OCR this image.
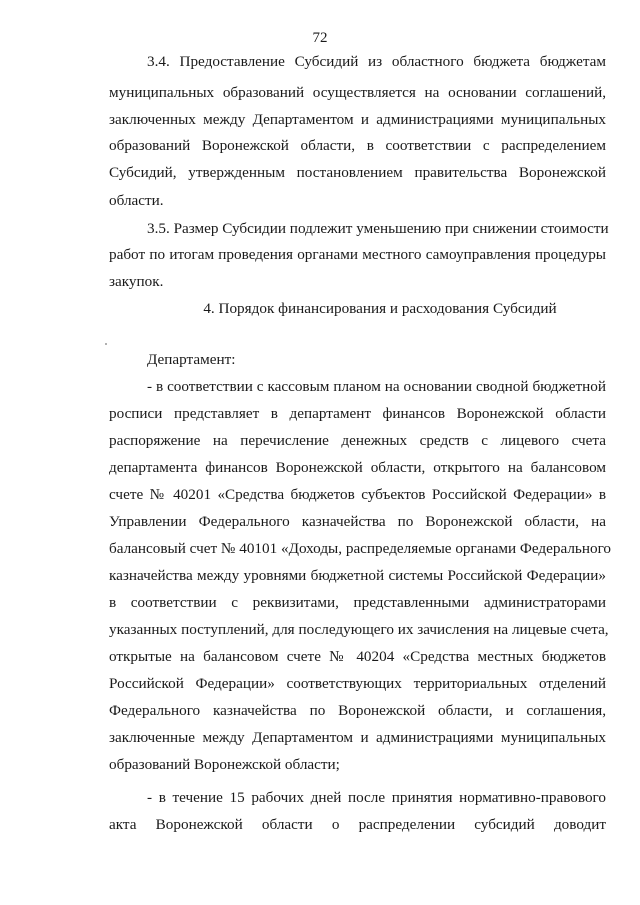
72
3.4. Предоставление Субсидий из областного бюджета бюджетам
муниципальных образований осуществляется на основании соглашений,
заключенных между Департаментом и администрациями муниципальных
образований Воронежской области, в соответствии с распределением
Субсидий, утвержденным постановлением правительства Воронежской
области.
3.5. Размер Субсидии подлежит уменьшению при снижении стоимости
работ по итогам проведения органами местного самоуправления процедуры
закупок.
4. Порядок финансирования и расходования Субсидий
Департамент:
- в соответствии с кассовым планом на основании сводной бюджетной
росписи представляет в департамент финансов Воронежской области
распоряжение на перечисление денежных средств с лицевого счета
департамента финансов Воронежской области, открытого на балансовом
счете № 40201 «Средства бюджетов субъектов Российской Федерации» в
Управлении Федерального казначейства по Воронежской области, на
балансовый счет № 40101 «Доходы, распределяемые органами Федерального
казначейства между уровнями бюджетной системы Российской Федерации»
в соответствии с реквизитами, представленными администраторами
указанных поступлений, для последующего их зачисления на лицевые счета,
открытые на балансовом счете № 40204 «Средства местных бюджетов
Российской Федерации» соответствующих территориальных отделений
Федерального казначейства по Воронежской области, и соглашения,
заключенные между Департаментом и администрациями муниципальных
образований Воронежской области;
- в течение 15 рабочих дней после принятия нормативно-правового
акта Воронежской области о распределении субсидий доводит
